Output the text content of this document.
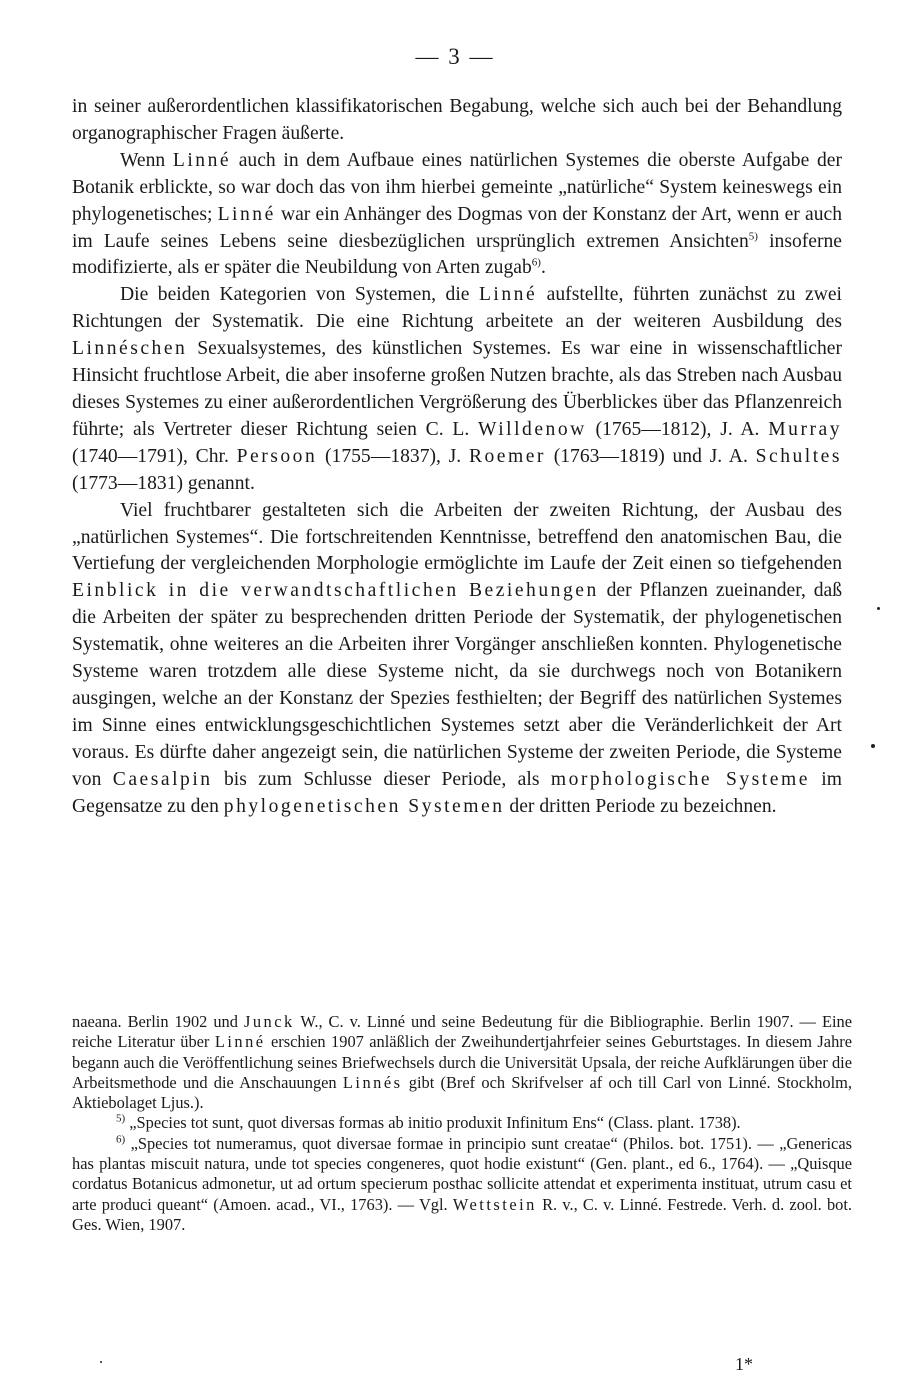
— 3 —

in seiner außerordentlichen klassifikatorischen Begabung, welche sich auch bei der Behandlung organographischer Fragen äußerte.

Wenn Linné auch in dem Aufbaue eines natürlichen Systemes die oberste Aufgabe der Botanik erblickte, so war doch das von ihm hierbei gemeinte „natürliche“ System keineswegs ein phylogenetisches; Linné war ein Anhänger des Dogmas von der Konstanz der Art, wenn er auch im Laufe seines Lebens seine diesbezüglichen ursprünglich extremen Ansichten$^{5)}$ insoferne modifizierte, als er später die Neubildung von Arten zugab$^{6)}$.

Die beiden Kategorien von Systemen, die Linné aufstellte, führten zunächst zu zwei Richtungen der Systematik. Die eine Richtung arbeitete an der weiteren Ausbildung des Linnéschen Sexualsystemes, des künstlichen Systemes. Es war eine in wissenschaftlicher Hinsicht fruchtlose Arbeit, die aber insoferne großen Nutzen brachte, als das Streben nach Ausbau dieses Systemes zu einer außerordentlichen Vergrößerung des Überblickes über das Pflanzenreich führte; als Vertreter dieser Richtung seien C. L. Willdenow (1765—1812), J. A. Murray (1740—1791), Chr. Persoon (1755—1837), J. Roemer (1763—1819) und J. A. Schultes (1773—1831) genannt.

Viel fruchtbarer gestalteten sich die Arbeiten der zweiten Richtung, der Ausbau des „natürlichen Systemes“. Die fortschreitenden Kenntnisse, betreffend den anatomischen Bau, die Vertiefung der vergleichenden Morphologie ermöglichte im Laufe der Zeit einen so tiefgehenden Einblick in die verwandtschaftlichen Beziehungen der Pflanzen zueinander, daß die Arbeiten der später zu besprechenden dritten Periode der Systematik, der phylogenetischen Systematik, ohne weiteres an die Arbeiten ihrer Vorgänger anschließen konnten. Phylogenetische Systeme waren trotzdem alle diese Systeme nicht, da sie durchwegs noch von Botanikern ausgingen, welche an der Konstanz der Spezies festhielten; der Begriff des natürlichen Systemes im Sinne eines entwicklungsgeschichtlichen Systemes setzt aber die Veränderlichkeit der Art voraus. Es dürfte daher angezeigt sein, die natürlichen Systeme der zweiten Periode, die Systeme von Caesalpin bis zum Schlusse dieser Periode, als morphologische Systeme im Gegensatze zu den phylogenetischen Systemen der dritten Periode zu bezeichnen.

naeana. Berlin 1902 und Junck W., C. v. Linné und seine Bedeutung für die Bibliographie. Berlin 1907. — Eine reiche Literatur über Linné erschien 1907 anläßlich der Zweihundertjahrfeier seines Geburtstages. In diesem Jahre begann auch die Veröffentlichung seines Briefwechsels durch die Universität Upsala, der reiche Aufklärungen über die Arbeitsmethode und die Anschauungen Linnés gibt (Bref och Skrifvelser af och till Carl von Linné. Stockholm, Aktiebolaget Ljus.).

$^{5)}$ „Species tot sunt, quot diversas formas ab initio produxit Infinitum Ens“ (Class. plant. 1738).

$^{6)}$ „Species tot numeramus, quot diversae formae in principio sunt creatae“ (Philos. bot. 1751). — „Genericas has plantas miscuit natura, unde tot species congeneres, quot hodie existunt“ (Gen. plant., ed 6., 1764). — „Quisque cordatus Botanicus admonetur, ut ad ortum specierum posthac sollicite attendat et experimenta instituat, utrum casu et arte produci queant“ (Amoen. acad., VI., 1763). — Vgl. Wettstein R. v., C. v. Linné. Festrede. Verh. d. zool. bot. Ges. Wien, 1907.

1*
